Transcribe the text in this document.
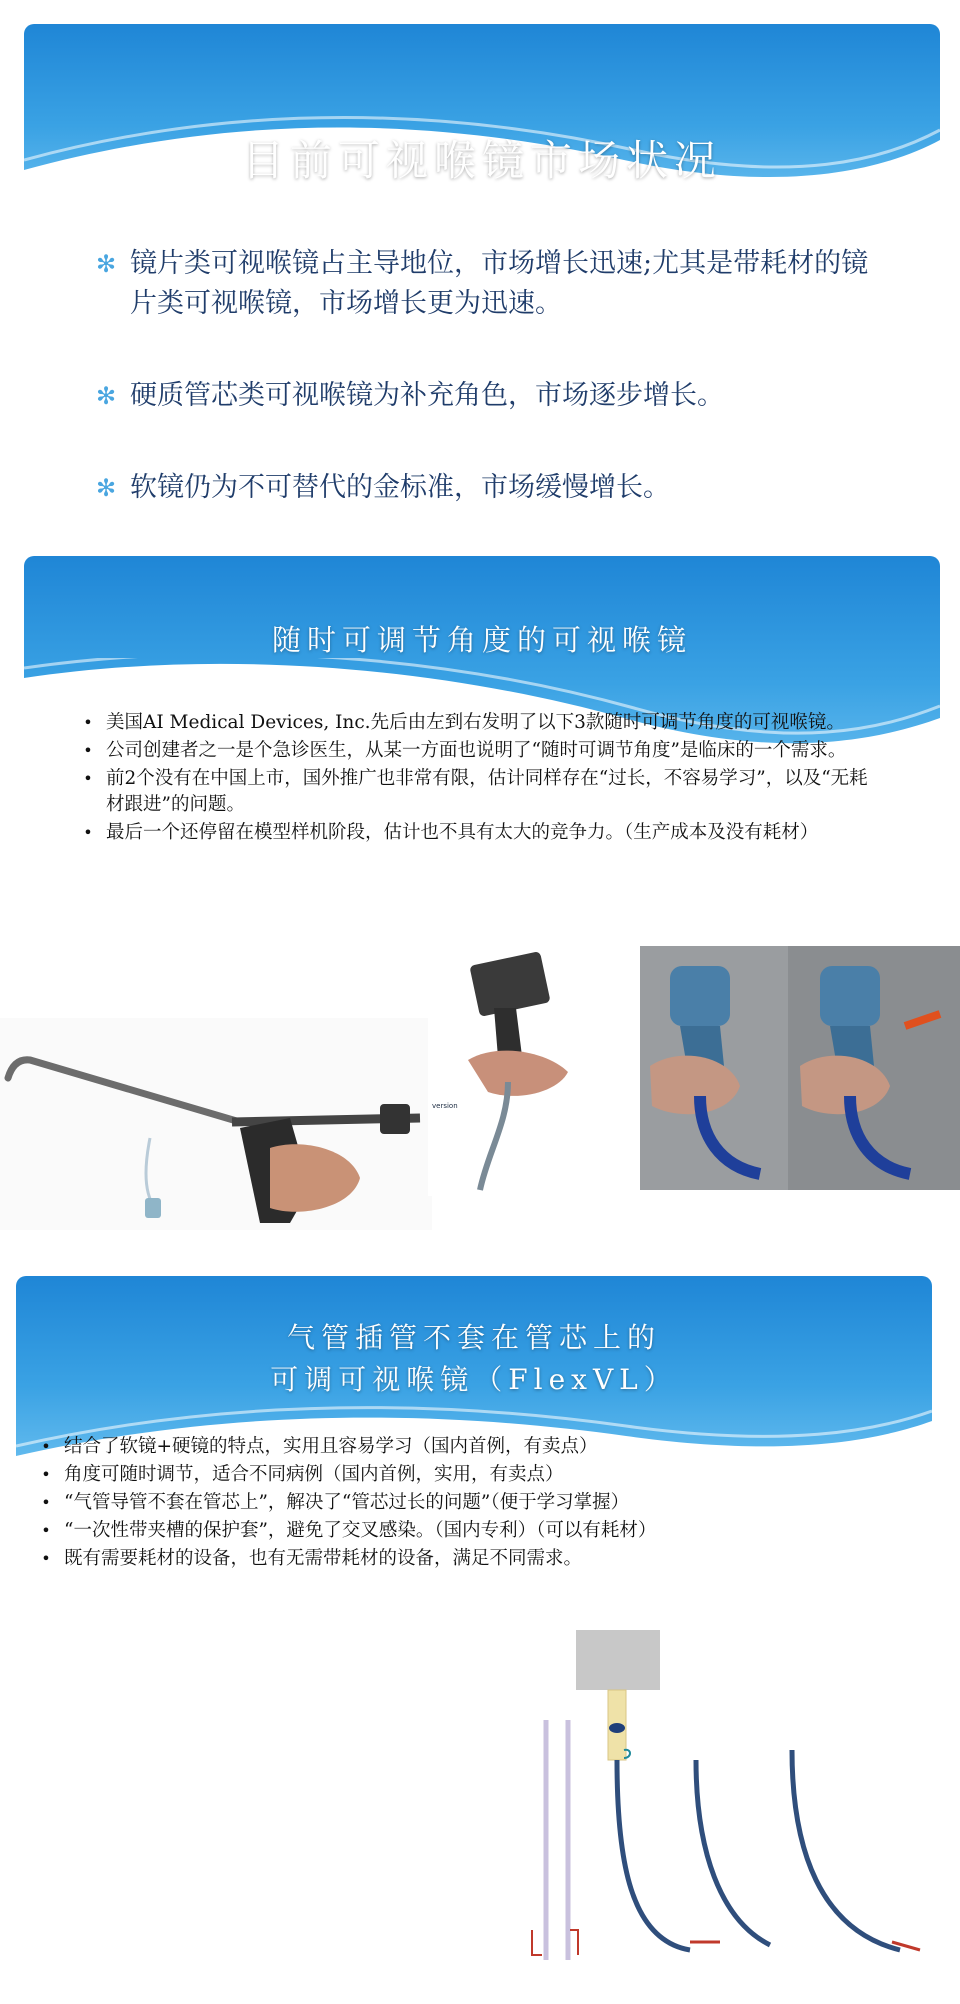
目前可视喉镜市场状况
✻ 镜片类可视喉镜占主导地位，市场增长迅速;尤其是带耗材的镜片类可视喉镜，市场增长更为迅速。
✻ 硬质管芯类可视喉镜为补充角色，市场逐步增长。
✻ 软镜仍为不可替代的金标准，市场缓慢增长。
随时可调节角度的可视喉镜
• 美国AI Medical Devices, Inc.先后由左到右发明了以下3款随时可调节角度的可视喉镜。
• 公司创建者之一是个急诊医生，从某一方面也说明了“随时可调节角度”是临床的一个需求。
• 前2个没有在中国上市，国外推广也非常有限，估计同样存在“过长，不容易学习”，以及“无耗材跟进”的问题。
• 最后一个还停留在模型样机阶段，估计也不具有太大的竞争力。（生产成本及没有耗材）
version
气管插管不套在管芯上的
可调可视喉镜（FlexVL）
• 结合了软镜+硬镜的特点，实用且容易学习（国内首例，有卖点）
• 角度可随时调节，适合不同病例（国内首例，实用，有卖点）
• “气管导管不套在管芯上”，解决了“管芯过长的问题”（便于学习掌握）
• “一次性带夹槽的保护套”，避免了交叉感染。（国内专利）（可以有耗材）
• 既有需要耗材的设备，也有无需带耗材的设备，满足不同需求。
